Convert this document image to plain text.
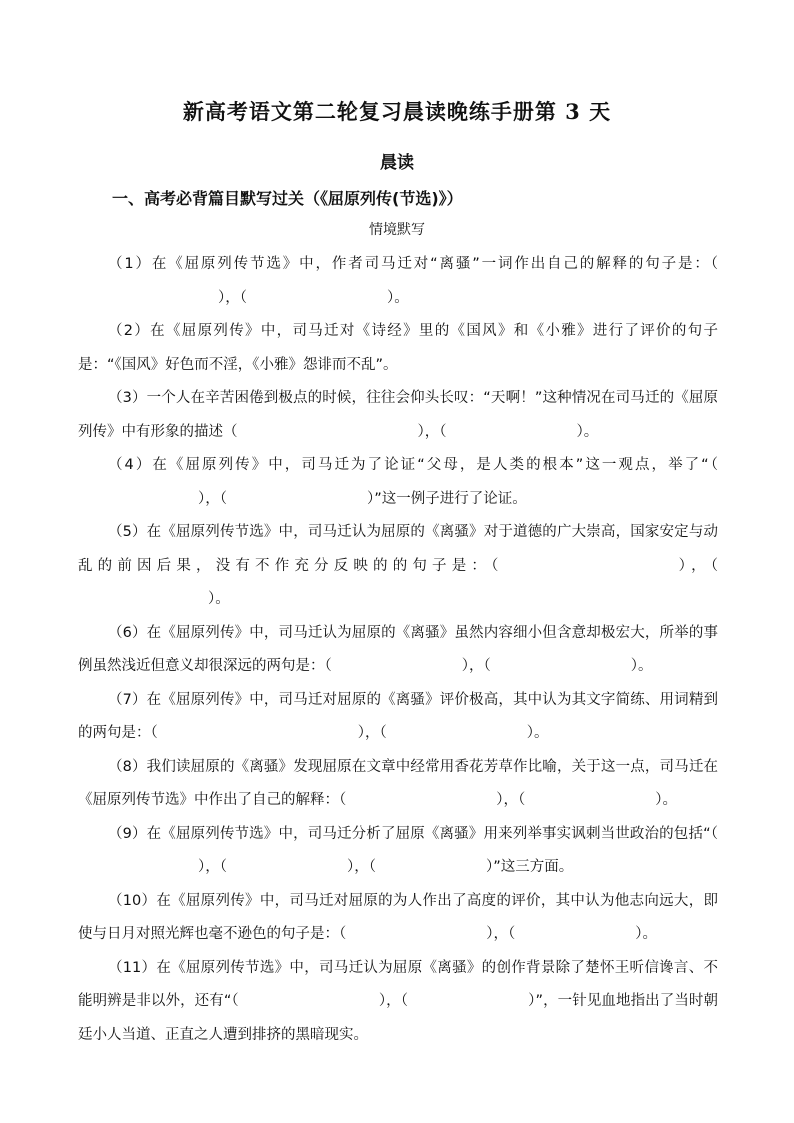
新高考语文第二轮复习晨读晚练手册第 3 天
晨读
一、高考必背篇目默写过关（《屈原列传(节选)》）
情境默写

（1）在《屈原列传节选》中，作者司马迁对“离骚”一词作出自己的解释的句子是：（），（	）。

（2）在《屈原列传》中，司马迁对《诗经》里的《国风》和《小雅》进行了评价的句子是：“《国风》好色而不淫，《小雅》怨诽而不乱”。

（3）一个人在辛苦困倦到极点的时候，往往会仰头长叹：“天啊！”这种情况在司马迁的《屈原列传》中有形象的描述（	），（	）。

（4）在《屈原列传》中，司马迁为了论证“父母，是人类的根本”这一观点，举了“（），（	）”这一例子进行了论证。

（5）在《屈原列传节选》中，司马迁认为屈原的《离骚》对于道德的广大崇高，国家安定与动乱的前因后果，没有不作充分反映的的句子是：（	），（）。

（6）在《屈原列传》中，司马迁认为屈原的《离骚》虽然内容细小但含意却极宏大，所举的事例虽然浅近但意义却很深远的两句是：（	），（	）。

（7）在《屈原列传》中，司马迁对屈原的《离骚》评价极高，其中认为其文字简练、用词精到的两句是：（	），（	）。

（8）我们读屈原的《离骚》发现屈原在文章中经常用香花芳草作比喻，关于这一点，司马迁在《屈原列传节选》中作出了自己的解释：（	），（	）。

（9）在《屈原列传节选》中，司马迁分析了屈原《离骚》用来列举事实讽刺当世政治的包括“（），（	），（	）”这三方面。

（10）在《屈原列传》中，司马迁对屈原的为人作出了高度的评价，其中认为他志向远大，即使与日月对照光辉也毫不逊色的句子是：（	），（	）。

（11）在《屈原列传节选》中，司马迁认为屈原《离骚》的创作背景除了楚怀王听信谗言、不能明辨是非以外，还有“（	），（	）”，一针见血地指出了当时朝廷小人当道、正直之人遭到排挤的黑暗现实。
